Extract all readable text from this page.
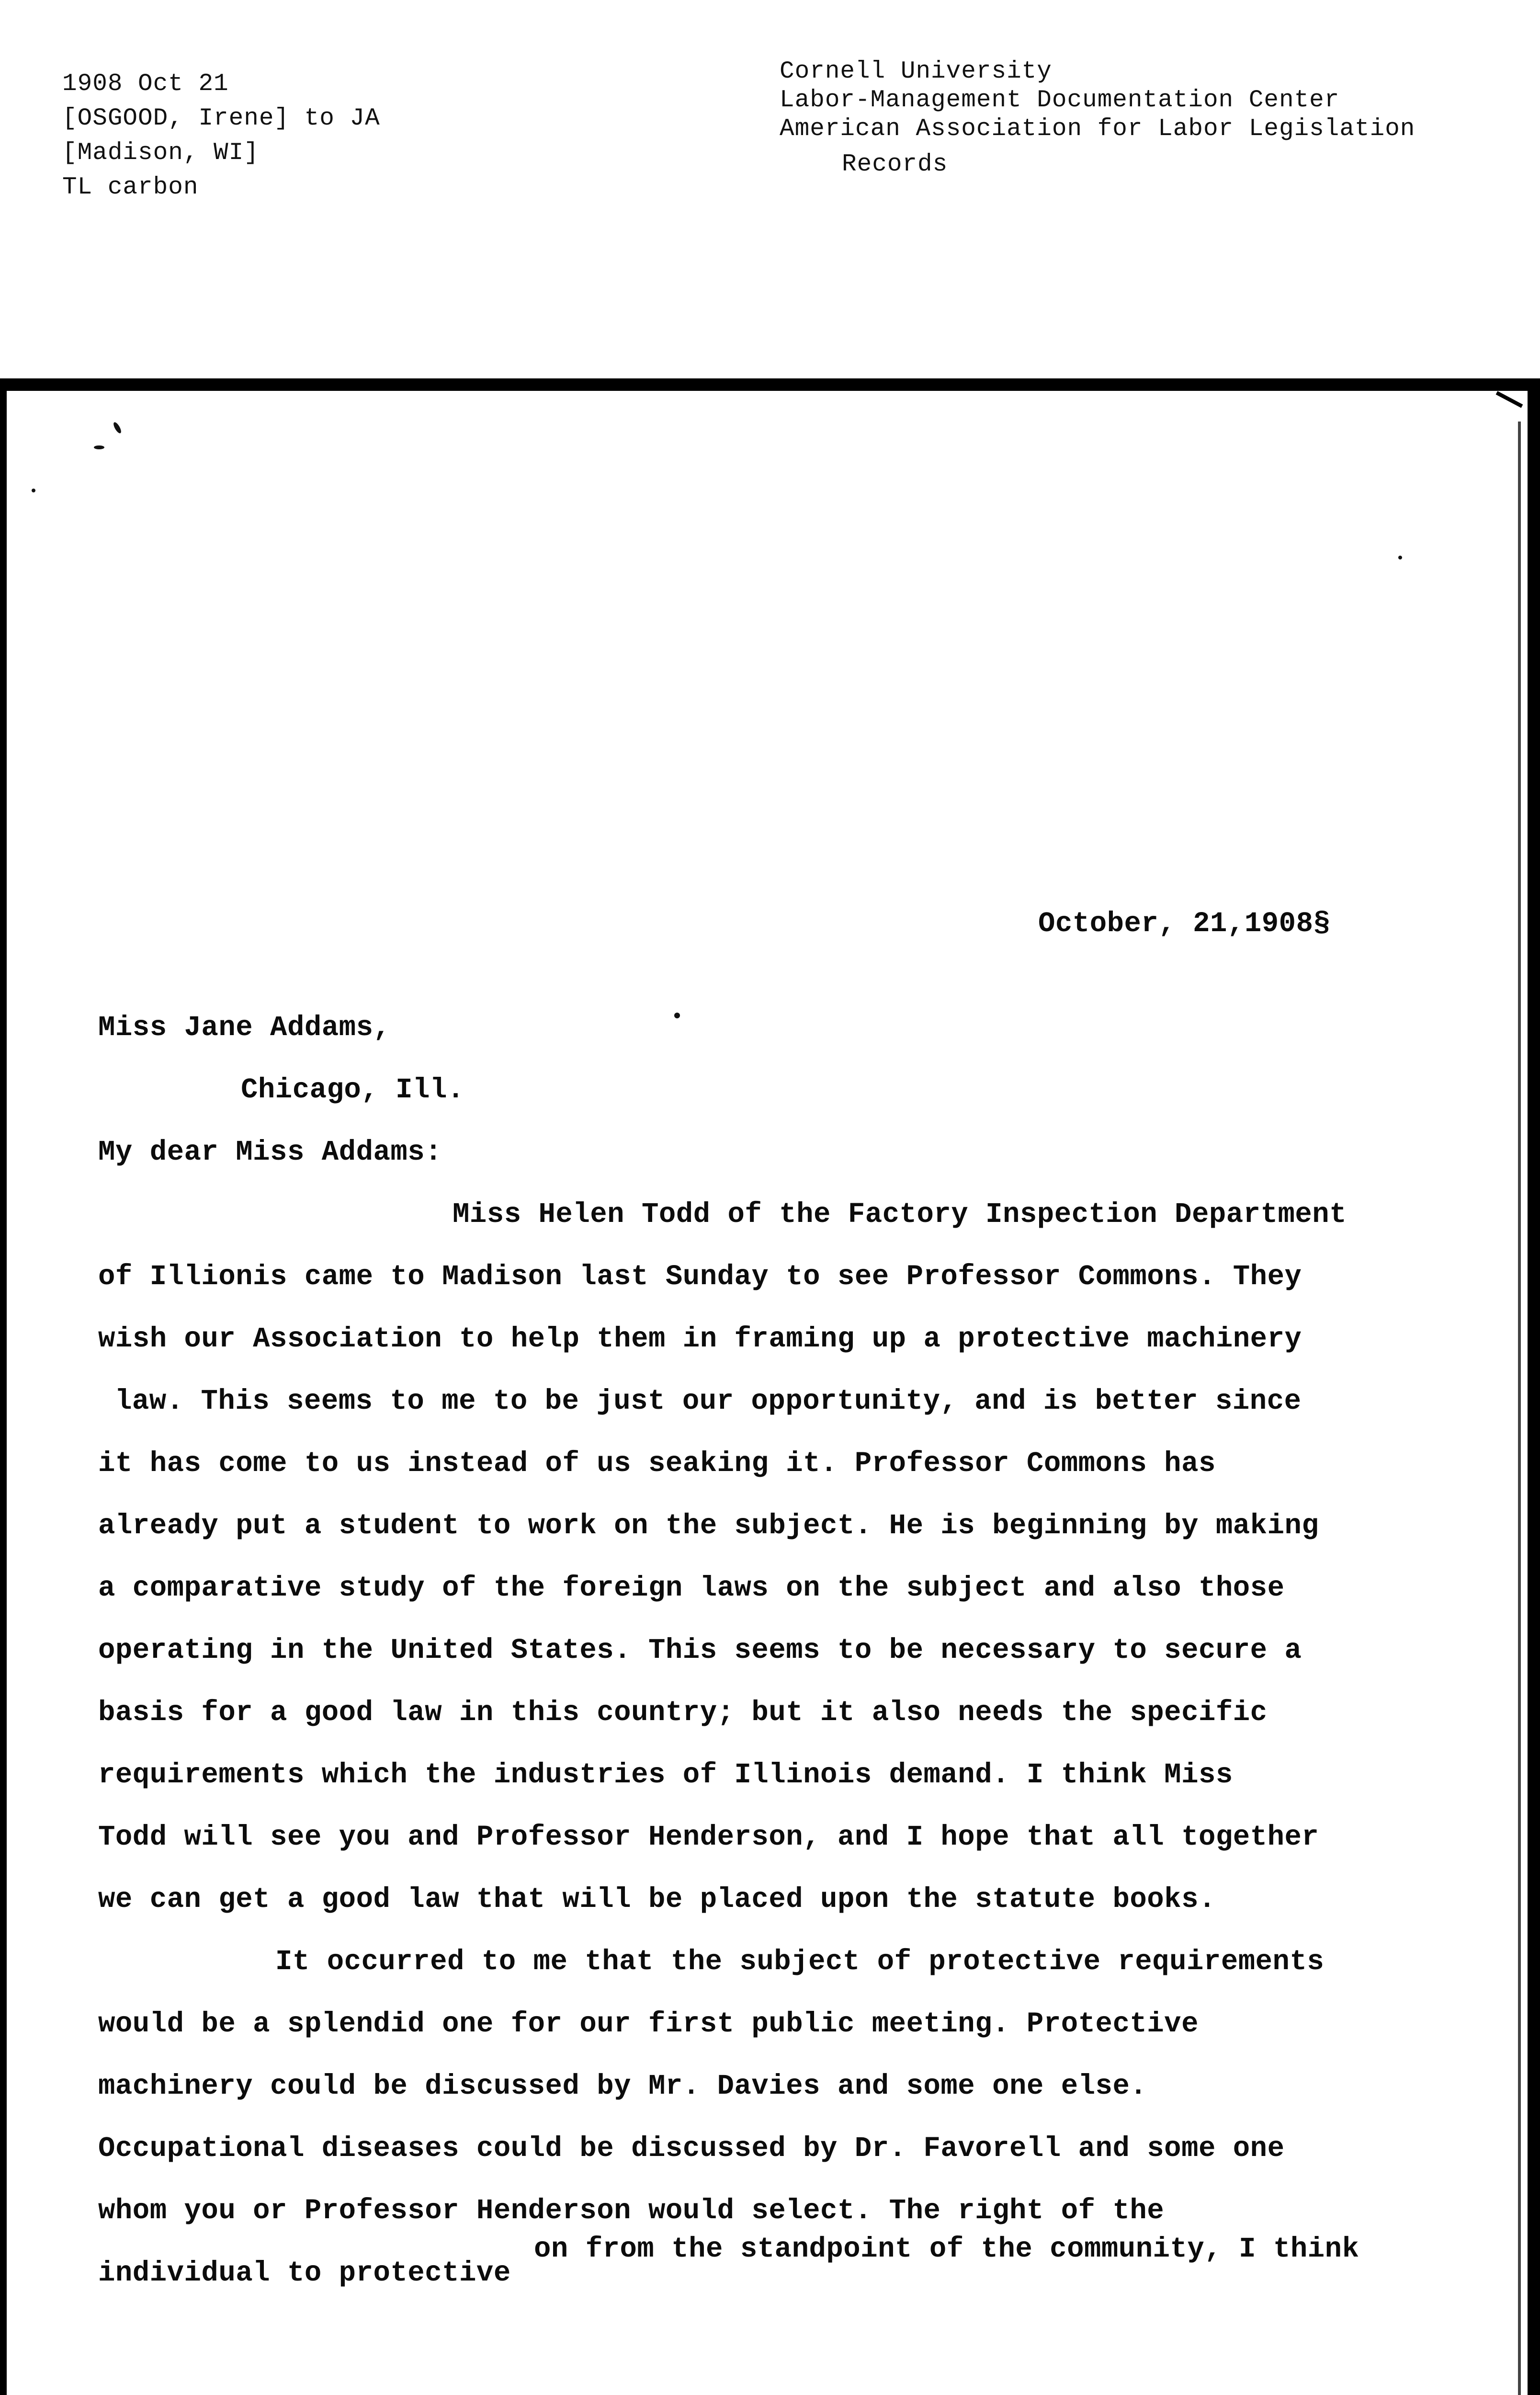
1908 Oct 21
[OSGOOD, Irene] to JA
[Madison, WI]
TL carbon
Cornell University
Labor-Management Documentation Center
American Association for Labor Legislation
Records
October, 21,1908§
Miss Jane Addams,
Chicago, Ill.
My dear Miss Addams:
Miss Helen Todd of the Factory Inspection Department
of Illionis came to Madison last Sunday to see Professor Commons. They
wish our Association to help them in framing up a protective machinery
law. This seems to me to be just our opportunity, and is better since
it has come to us instead of us seaking it. Professor Commons has
already put a student to work on the subject. He is beginning by making
a comparative study of the foreign laws on the subject and also those
operating in the United States. This seems to be necessary to secure a
basis for a good law in this country; but it also needs the specific
requirements which the industries of Illinois demand. I think Miss
Todd will see you and Professor Henderson, and I hope that all together
we can get a good law that will be placed upon the statute books.
It occurred to me that the subject of protective requirements
would be a splendid one for our first public meeting. Protective
machinery could be discussed by Mr. Davies and some one else.
Occupational diseases could be discussed by Dr. Favorell and some one
whom you or Professor Henderson would select. The right of the
on from the standpoint of the community, I think
individual to protective
